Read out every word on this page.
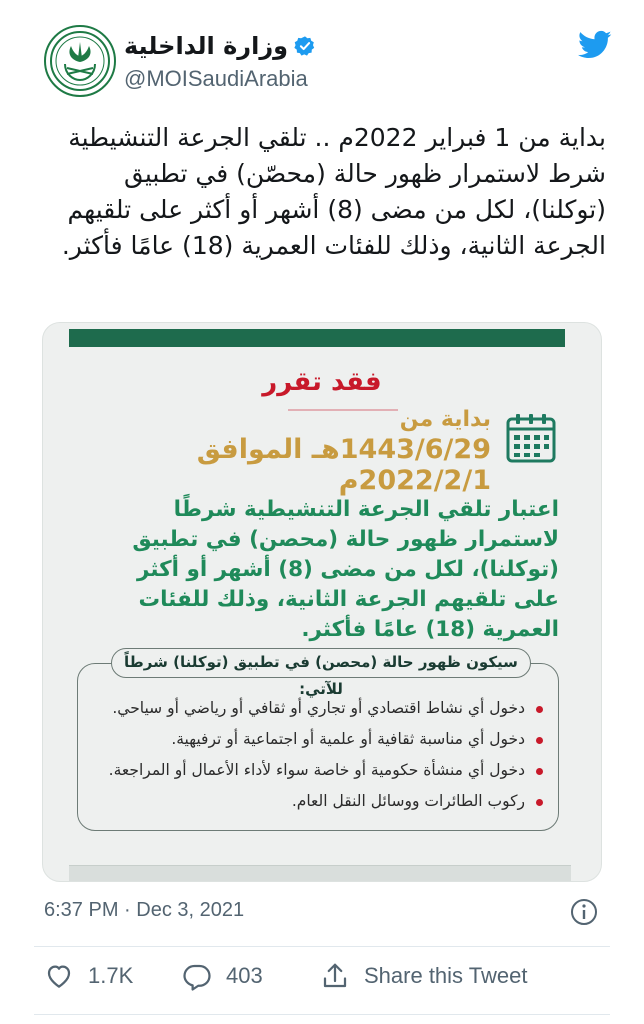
وزارة الداخلية
@MOISaudiArabia
بداية من 1 فبراير 2022م .. تلقي الجرعة التنشيطية شرط لاستمرار ظهور حالة (محصّن) في تطبيق (توكلنا)، لكل من مضى (8) أشهر أو أكثر على تلقيهم الجرعة الثانية، وذلك للفئات العمرية (18) عامًا فأكثر.
فقد تقرر
بداية من
1443/6/29هـ الموافق 2022/2/1م
اعتبار تلقي الجرعة التنشيطية شرطًا لاستمرار ظهور حالة (محصن) في تطبيق (توكلنا)، لكل من مضى (8) أشهر أو أكثر على تلقيهم الجرعة الثانية، وذلك للفئات العمرية (18) عامًا فأكثر.
سيكون ظهور حالة (محصن) في تطبيق (توكلنا) شرطاً للآتي:
دخول أي نشاط اقتصادي أو تجاري أو ثقافي أو رياضي أو سياحي.
دخول أي مناسبة ثقافية أو علمية أو اجتماعية أو ترفيهية.
دخول أي منشأة حكومية أو خاصة سواء لأداء الأعمال أو المراجعة.
ركوب الطائرات ووسائل النقل العام.
6:37 PM · Dec 3, 2021
1.7K	403	Share this Tweet
